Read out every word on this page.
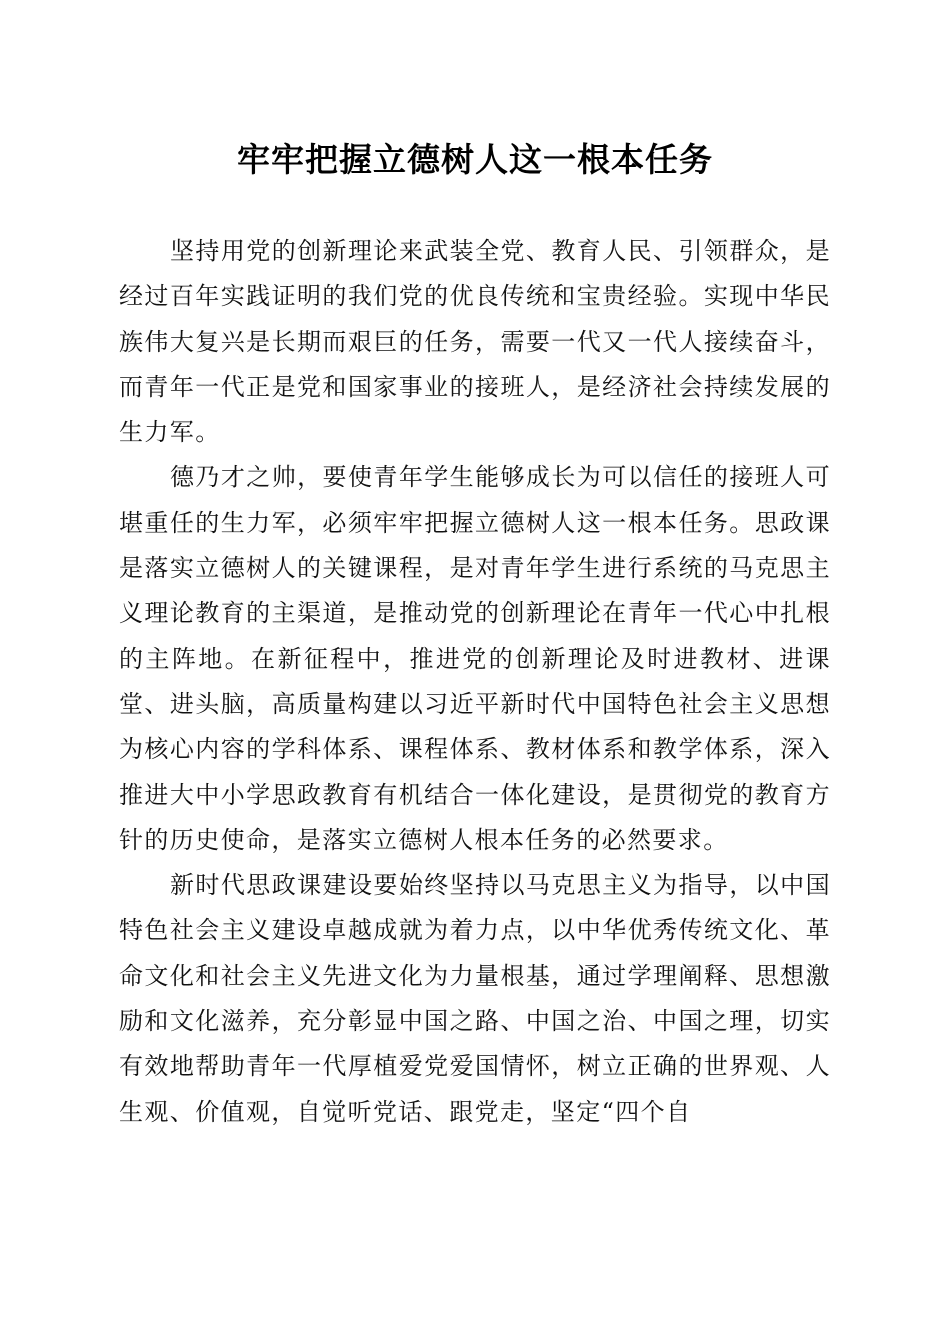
牢牢把握立德树人这一根本任务

坚持用党的创新理论来武装全党、教育人民、引领群众，是经过百年实践证明的我们党的优良传统和宝贵经验。实现中华民族伟大复兴是长期而艰巨的任务，需要一代又一代人接续奋斗，而青年一代正是党和国家事业的接班人，是经济社会持续发展的生力军。

德乃才之帅，要使青年学生能够成长为可以信任的接班人可堪重任的生力军，必须牢牢把握立德树人这一根本任务。思政课是落实立德树人的关键课程，是对青年学生进行系统的马克思主义理论教育的主渠道，是推动党的创新理论在青年一代心中扎根的主阵地。在新征程中，推进党的创新理论及时进教材、进课堂、进头脑，高质量构建以习近平新时代中国特色社会主义思想为核心内容的学科体系、课程体系、教材体系和教学体系，深入推进大中小学思政教育有机结合一体化建设，是贯彻党的教育方针的历史使命，是落实立德树人根本任务的必然要求。

新时代思政课建设要始终坚持以马克思主义为指导，以中国特色社会主义建设卓越成就为着力点，以中华优秀传统文化、革命文化和社会主义先进文化为力量根基，通过学理阐释、思想激励和文化滋养，充分彰显中国之路、中国之治、中国之理，切实有效地帮助青年一代厚植爱党爱国情怀，树立正确的世界观、人生观、价值观，自觉听党话、跟党走，坚定“四个自
